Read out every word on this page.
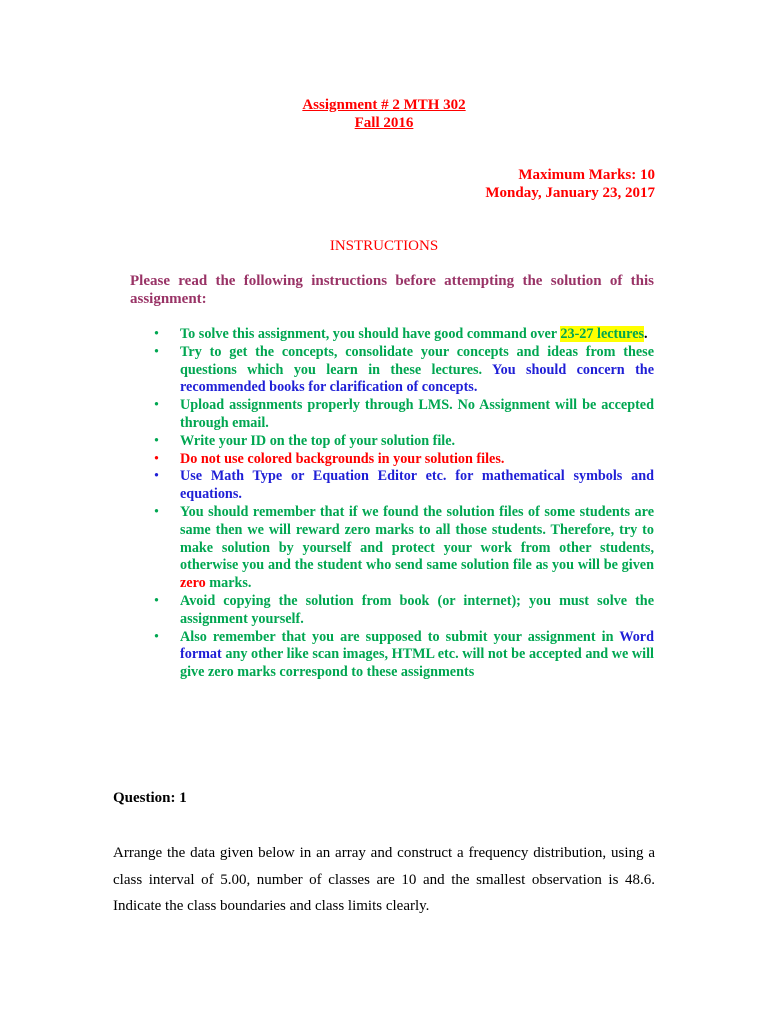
Assignment # 2 MTH 302
Fall 2016
Maximum Marks: 10
Monday, January 23, 2017
INSTRUCTIONS
Please read the following instructions before attempting the solution of this assignment:
• To solve this assignment, you should have good command over 23-27 lectures.
• Try to get the concepts, consolidate your concepts and ideas from these questions which you learn in these lectures. You should concern the recommended books for clarification of concepts.
• Upload assignments properly through LMS. No Assignment will be accepted through email.
• Write your ID on the top of your solution file.
• Do not use colored backgrounds in your solution files.
• Use Math Type or Equation Editor etc. for mathematical symbols and equations.
• You should remember that if we found the solution files of some students are same then we will reward zero marks to all those students. Therefore, try to make solution by yourself and protect your work from other students, otherwise you and the student who send same solution file as you will be given zero marks.
• Avoid copying the solution from book (or internet); you must solve the assignment yourself.
• Also remember that you are supposed to submit your assignment in Word format any other like scan images, HTML etc. will not be accepted and we will give zero marks correspond to these assignments
Question: 1
Arrange the data given below in an array and construct a frequency distribution, using a class interval of 5.00, number of classes are 10 and the smallest observation is 48.6. Indicate the class boundaries and class limits clearly.
